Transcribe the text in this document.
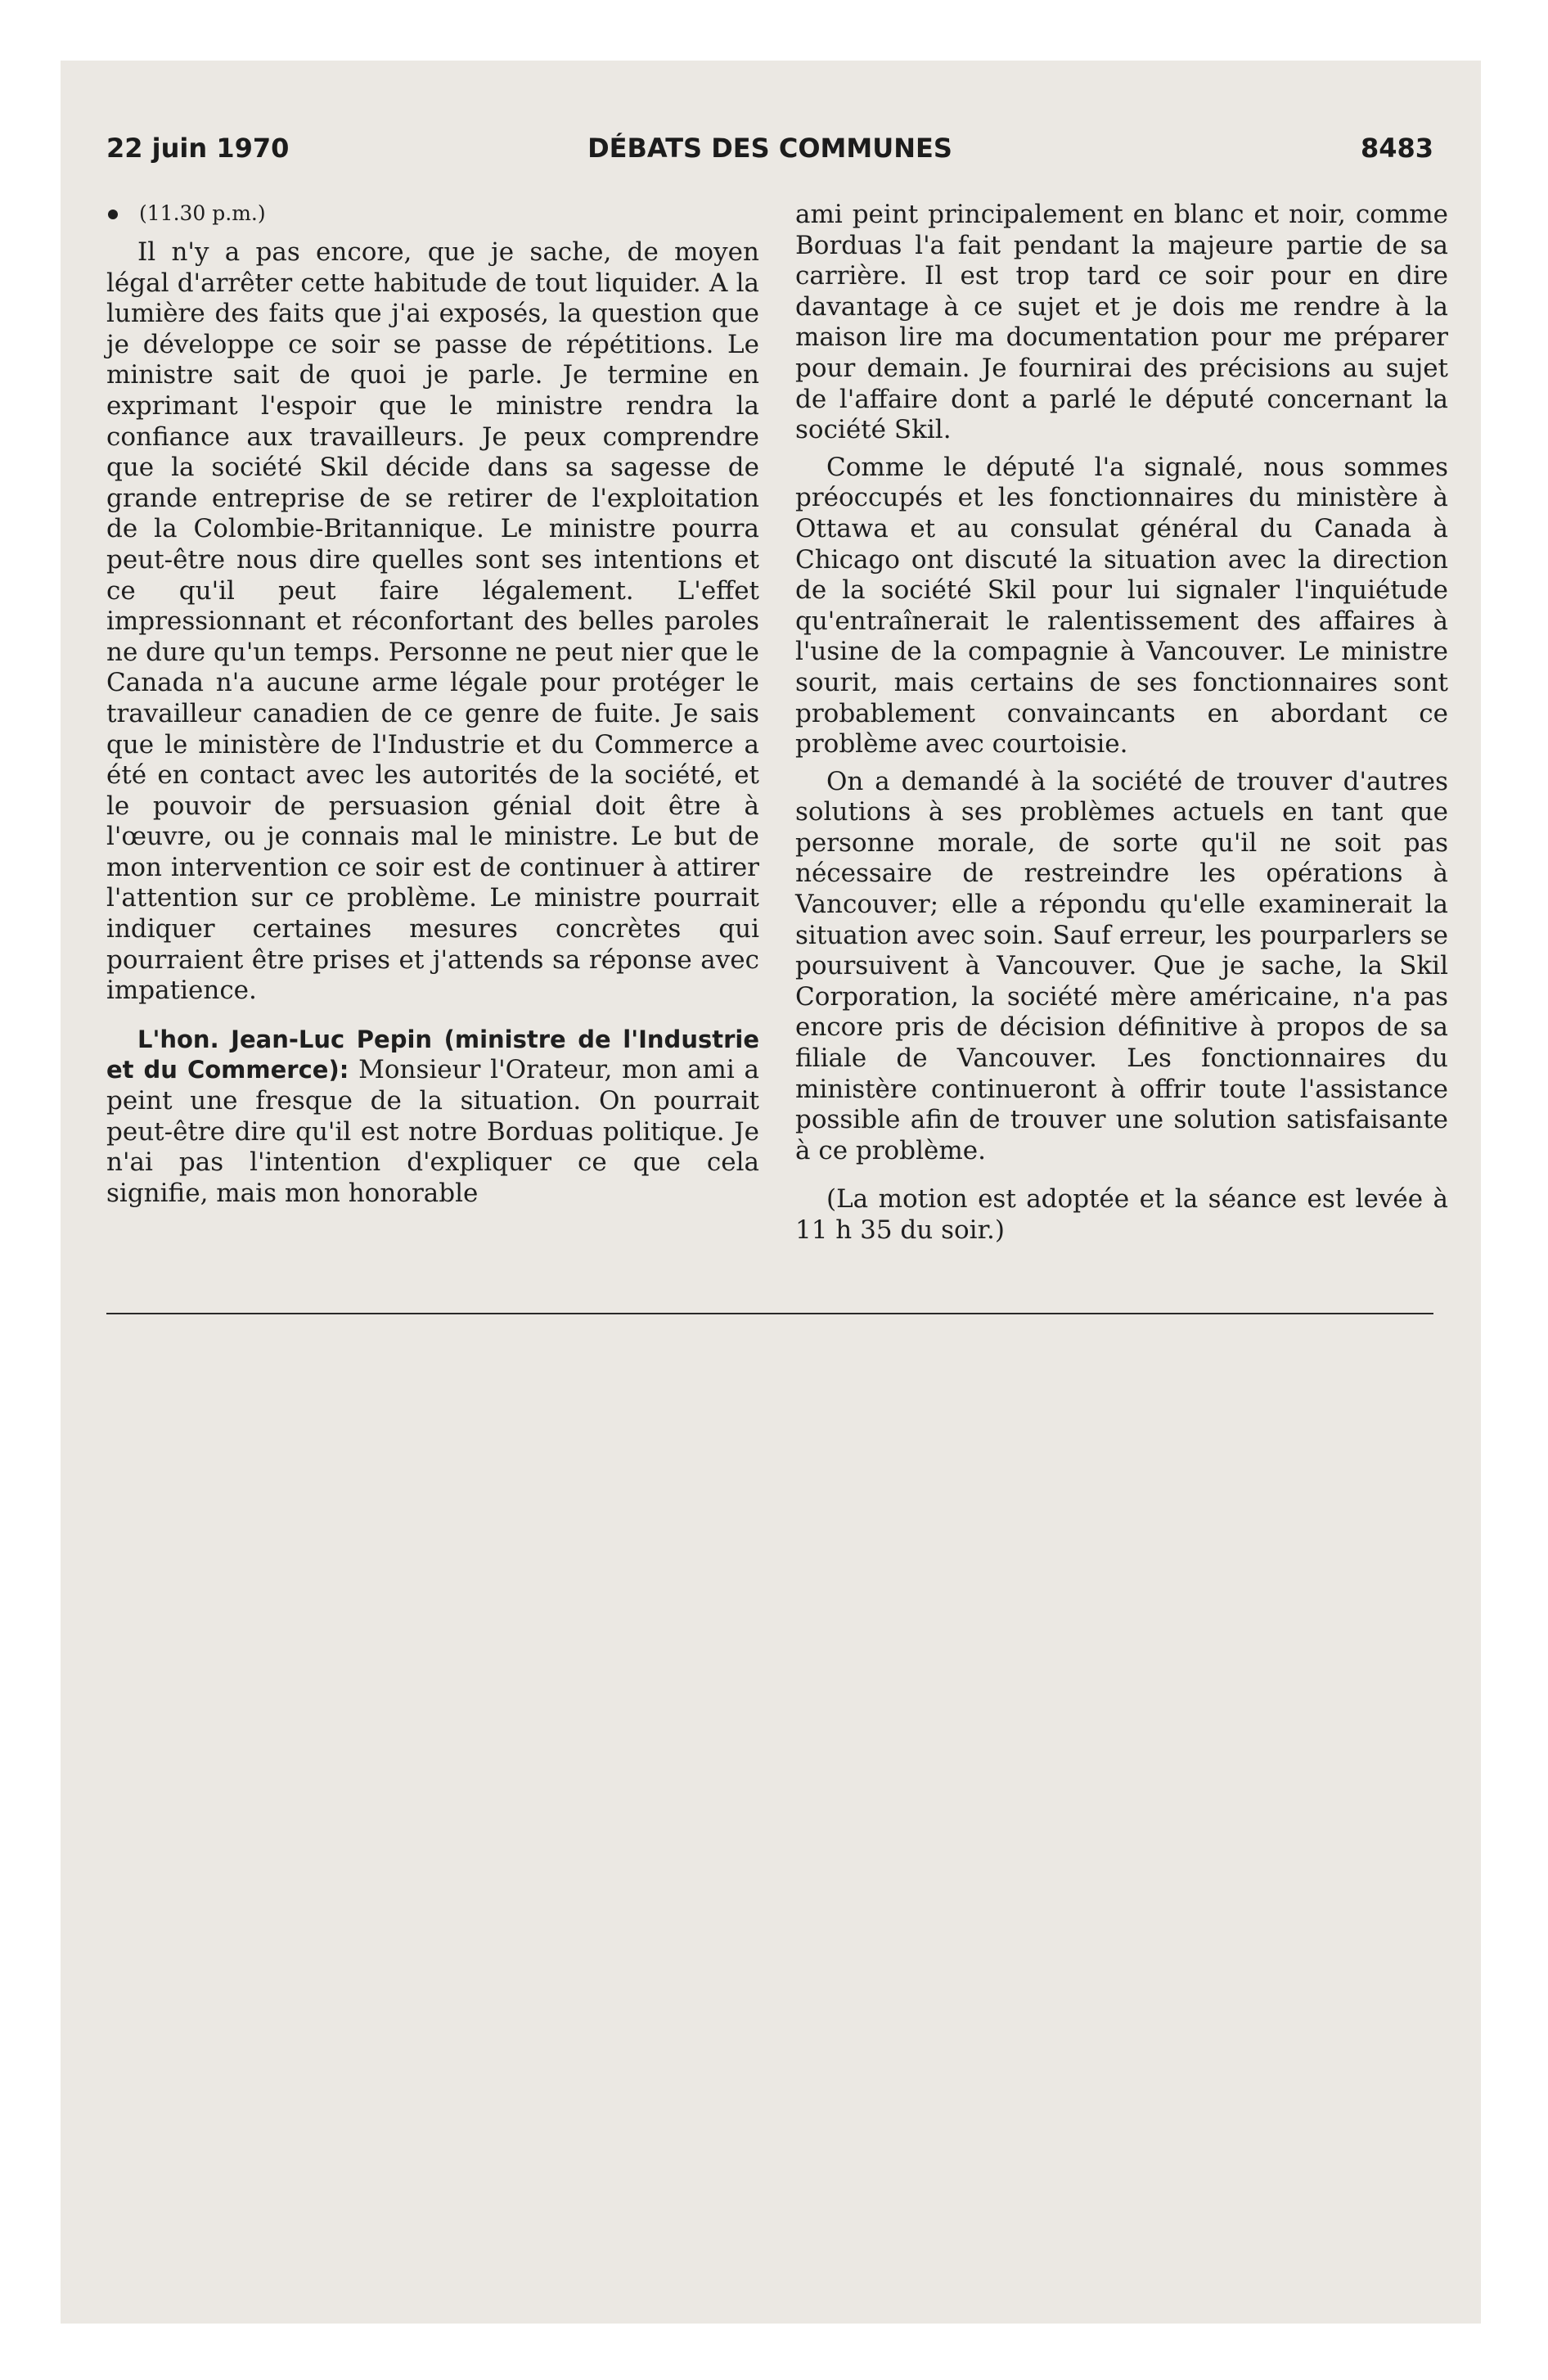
22 juin 1970	DÉBATS DES COMMUNES	8483
(11.30 p.m.)

Il n'y a pas encore, que je sache, de moyen légal d'arrêter cette habitude de tout liquider. A la lumière des faits que j'ai exposés, la question que je développe ce soir se passe de répétitions. Le ministre sait de quoi je parle. Je termine en exprimant l'espoir que le ministre rendra la confiance aux travailleurs. Je peux comprendre que la société Skil décide dans sa sagesse de grande entreprise de se retirer de l'exploitation de la Colombie-Britannique. Le ministre pourra peut-être nous dire quelles sont ses intentions et ce qu'il peut faire légalement. L'effet impressionnant et réconfortant des belles paroles ne dure qu'un temps. Personne ne peut nier que le Canada n'a aucune arme légale pour protéger le travailleur canadien de ce genre de fuite. Je sais que le ministère de l'Industrie et du Commerce a été en contact avec les autorités de la société, et le pouvoir de persuasion génial doit être à l'œuvre, ou je connais mal le ministre. Le but de mon intervention ce soir est de continuer à attirer l'attention sur ce problème. Le ministre pourrait indiquer certaines mesures concrètes qui pourraient être prises et j'attends sa réponse avec impatience.

L'hon. Jean-Luc Pepin (ministre de l'Industrie et du Commerce): Monsieur l'Orateur, mon ami a peint une fresque de la situation. On pourrait peut-être dire qu'il est notre Borduas politique. Je n'ai pas l'intention d'expliquer ce que cela signifie, mais mon honorable

ami peint principalement en blanc et noir, comme Borduas l'a fait pendant la majeure partie de sa carrière. Il est trop tard ce soir pour en dire davantage à ce sujet et je dois me rendre à la maison lire ma documentation pour me préparer pour demain. Je fournirai des précisions au sujet de l'affaire dont a parlé le député concernant la société Skil.

Comme le député l'a signalé, nous sommes préoccupés et les fonctionnaires du ministère à Ottawa et au consulat général du Canada à Chicago ont discuté la situation avec la direction de la société Skil pour lui signaler l'inquiétude qu'entraînerait le ralentissement des affaires à l'usine de la compagnie à Vancouver. Le ministre sourit, mais certains de ses fonctionnaires sont probablement convaincants en abordant ce problème avec courtoisie.

On a demandé à la société de trouver d'autres solutions à ses problèmes actuels en tant que personne morale, de sorte qu'il ne soit pas nécessaire de restreindre les opérations à Vancouver; elle a répondu qu'elle examinerait la situation avec soin. Sauf erreur, les pourparlers se poursuivent à Vancouver. Que je sache, la Skil Corporation, la société mère américaine, n'a pas encore pris de décision définitive à propos de sa filiale de Vancouver. Les fonctionnaires du ministère continueront à offrir toute l'assistance possible afin de trouver une solution satisfaisante à ce problème.

(La motion est adoptée et la séance est levée à 11 h 35 du soir.)
